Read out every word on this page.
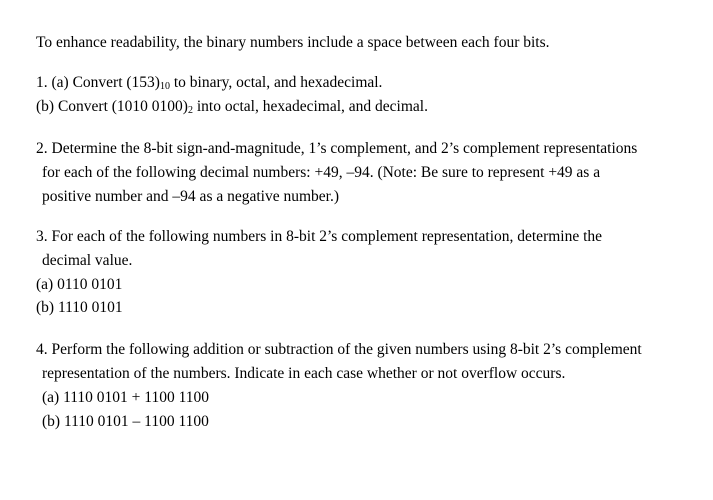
To enhance readability, the binary numbers include a space between each four bits.
1. (a) Convert $(153)_{10}$ to binary, octal, and hexadecimal.
(b) Convert (1010 $0100)_2$ into octal, hexadecimal, and decimal.
2. Determine the 8-bit sign-and-magnitude, 1’s complement, and 2’s complement representations
for each of the following decimal numbers: +49, –94. (Note: Be sure to represent +49 as a
positive number and –94 as a negative number.)
3. For each of the following numbers in 8-bit 2’s complement representation, determine the
decimal value.
(a) 0110 0101
(b) 1110 0101
4. Perform the following addition or subtraction of the given numbers using 8-bit 2’s complement
representation of the numbers. Indicate in each case whether or not overflow occurs.
(a) 1110 0101 + 1100 1100
(b) 1110 0101 – 1100 1100
